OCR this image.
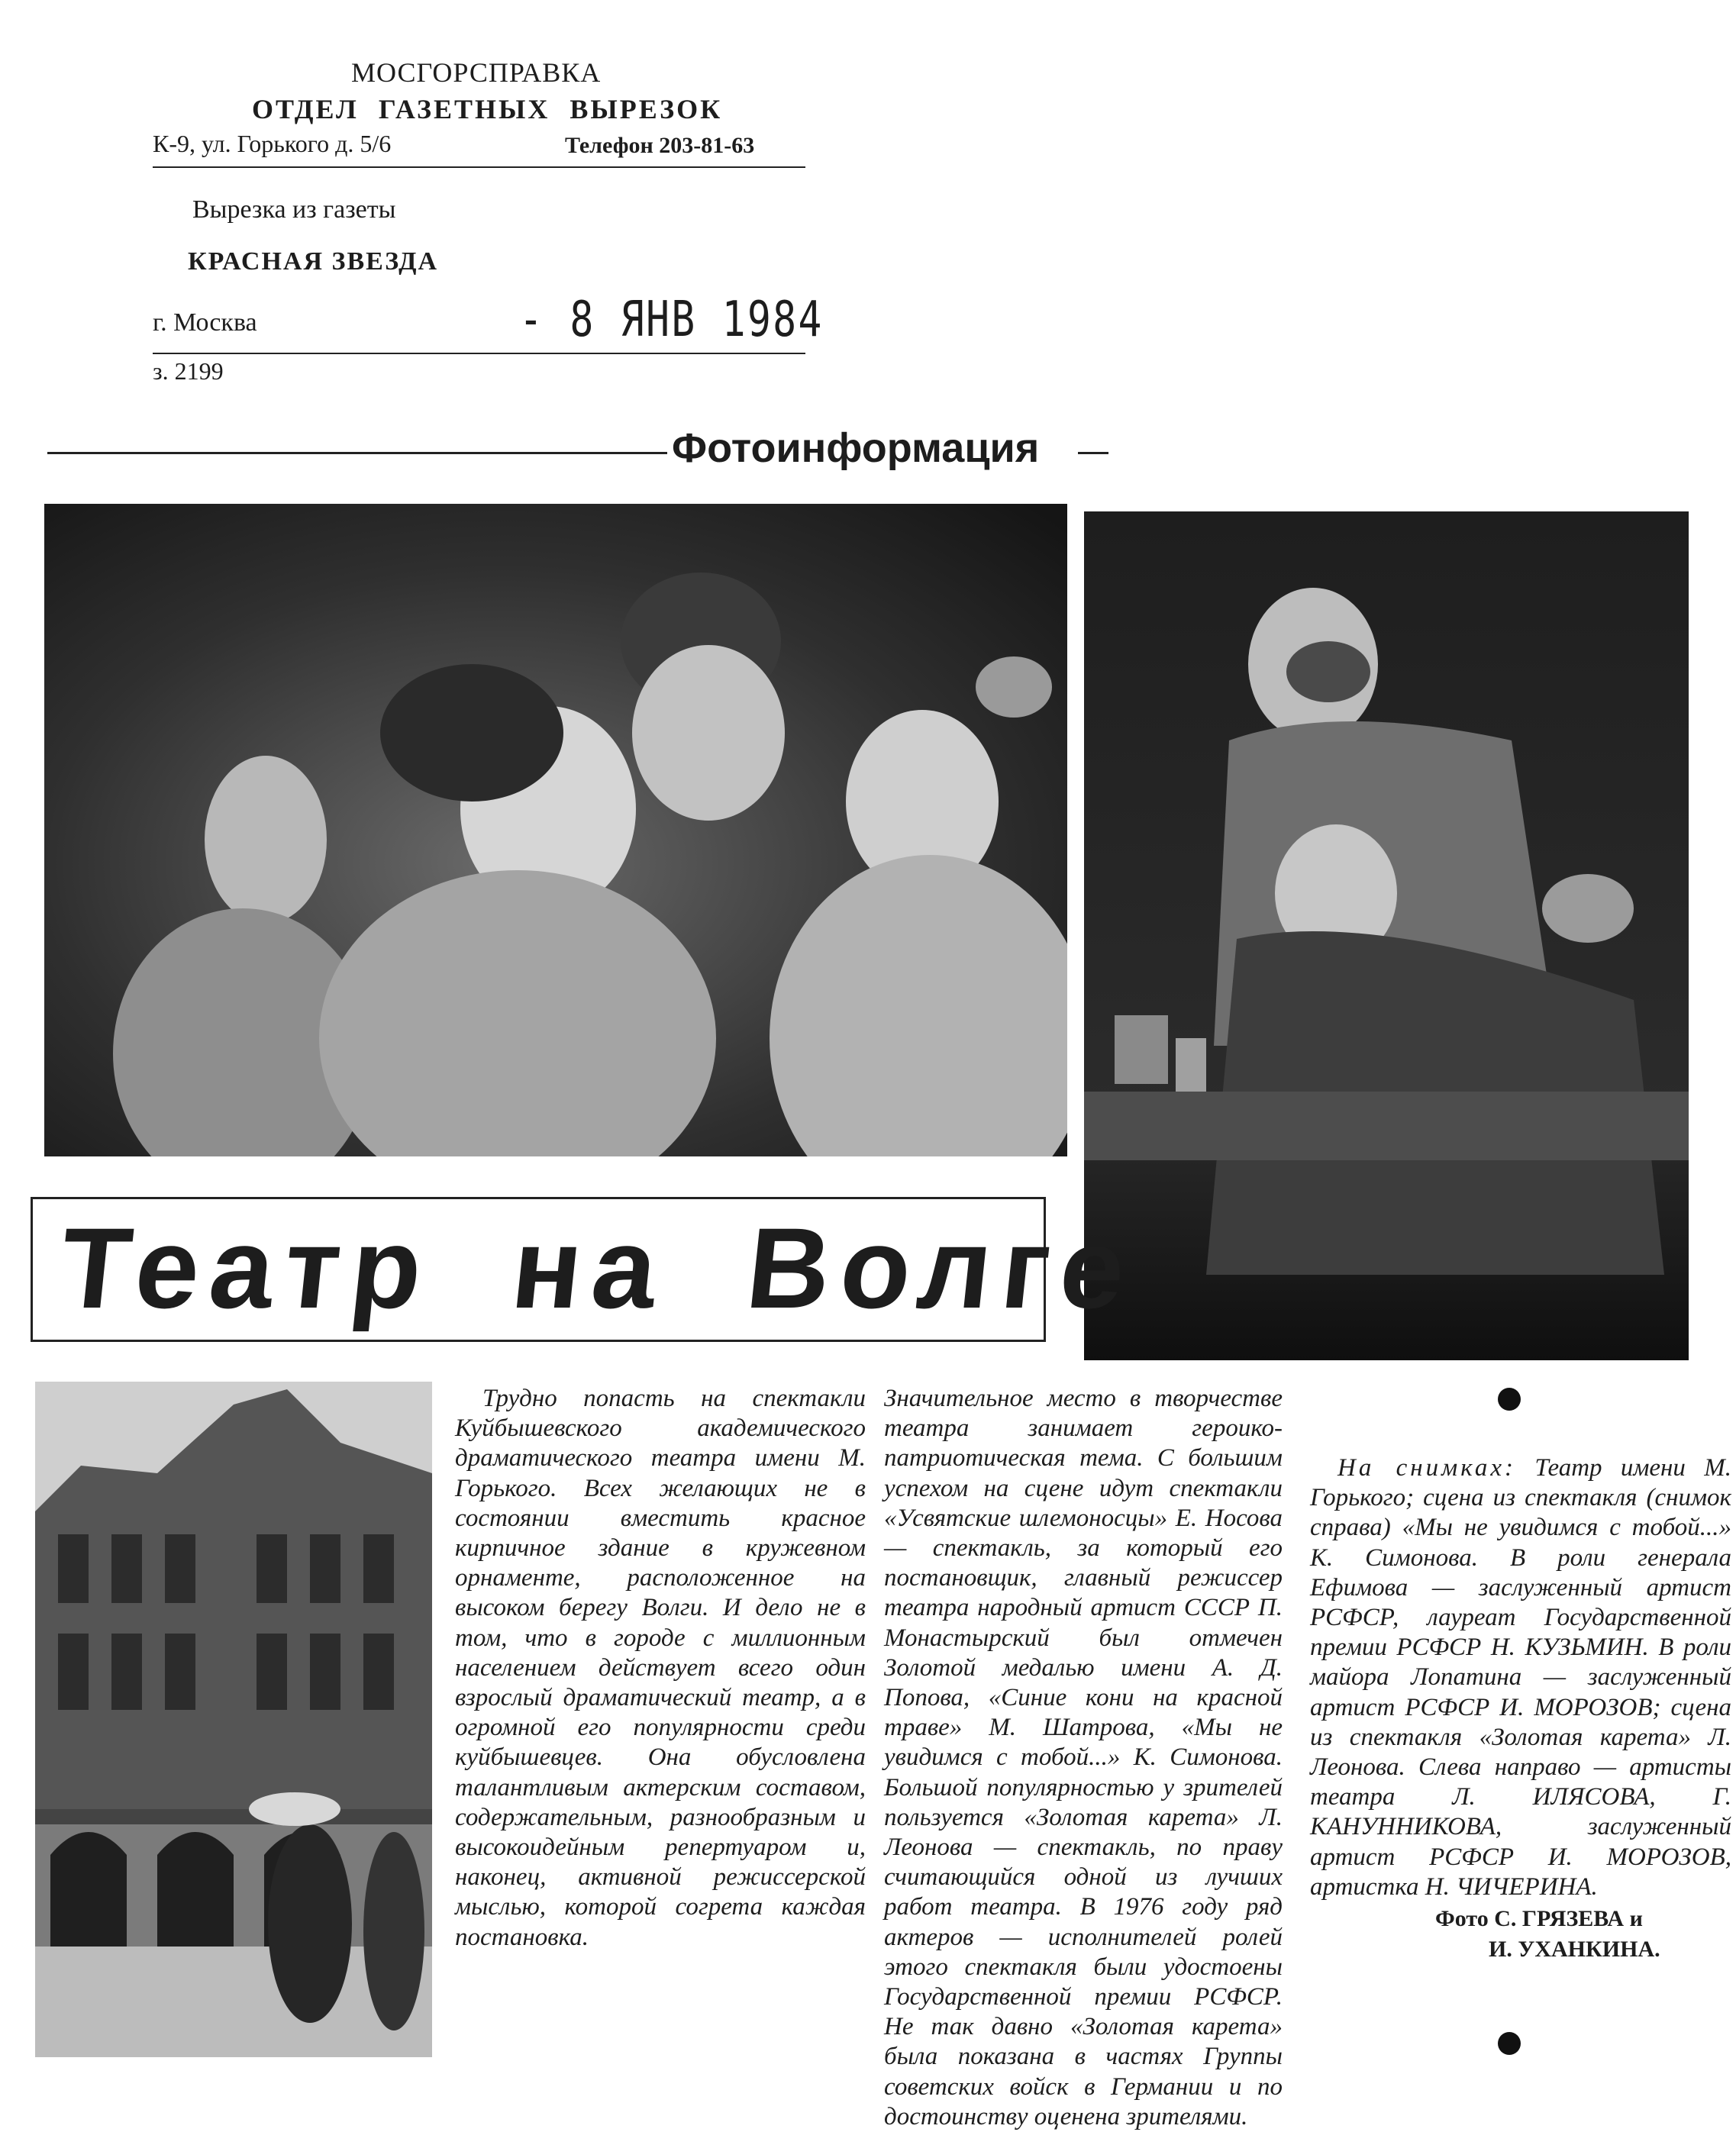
МОСГОРСПРАВКА
ОТДЕЛ ГАЗЕТНЫХ ВЫРЕЗОК
К-9, ул. Горького д. 5/6	Телефон 203-81-63
Вырезка из газеты
КРАСНАЯ ЗВЕЗДА
г. Москва	- 8 ЯНВ 1984
з. 2199
Фотоинформация
Театр на Волге

Трудно попасть на спектакли Куйбышевского академического драматического театра имени М. Горького. Всех желающих не в состоянии вместить красное кирпичное здание в кружевном орнаменте, расположенное на высоком берегу Волги. И дело не в том, что в городе с миллионным населением действует всего один взрослый драматический театр, а в огромной его популярности среди куйбышевцев. Она обусловлена талантливым актерским составом, содержательным, разнообразным и высокоидейным репертуаром и, наконец, активной режиссерской мыслью, которой согрета каждая постановка.

Значительное место в творчестве театра занимает героико-патриотическая тема. С большим успехом на сцене идут спектакли «Усвятские шлемоносцы» Е. Носова — спектакль, за который его постановщик, главный режиссер театра народный артист СССР П. Монастырский был отмечен Золотой медалью имени А. Д. Попова, «Синие кони на красной траве» М. Шатрова, «Мы не увидимся с тобой...» К. Симонова. Большой популярностью у зрителей пользуется «Золотая карета» Л. Леонова — спектакль, по праву считающийся одной из лучших работ театра. В 1976 году ряд актеров — исполнителей ролей этого спектакля были удостоены Государственной премии РСФСР. Не так давно «Золотая карета» была показана в частях Группы советских войск в Германии и по достоинству оценена зрителями.

На снимках: Театр имени М. Горького; сцена из спектакля (снимок справа) «Мы не увидимся с тобой...» К. Симонова. В роли генерала Ефимова — заслуженный артист РСФСР, лауреат Государственной премии РСФСР Н. КУЗЬМИН. В роли майора Лопатина — заслуженный артист РСФСР И. МОРОЗОВ; сцена из спектакля «Золотая карета» Л. Леонова. Слева направо — артисты театра Л. ИЛЯСОВА, Г. КАНУННИКОВА, заслуженный артист РСФСР И. МОРОЗОВ, артистка Н. ЧИЧЕРИНА.

Фото С. ГРЯЗЕВА и
И. УХАНКИНА.
